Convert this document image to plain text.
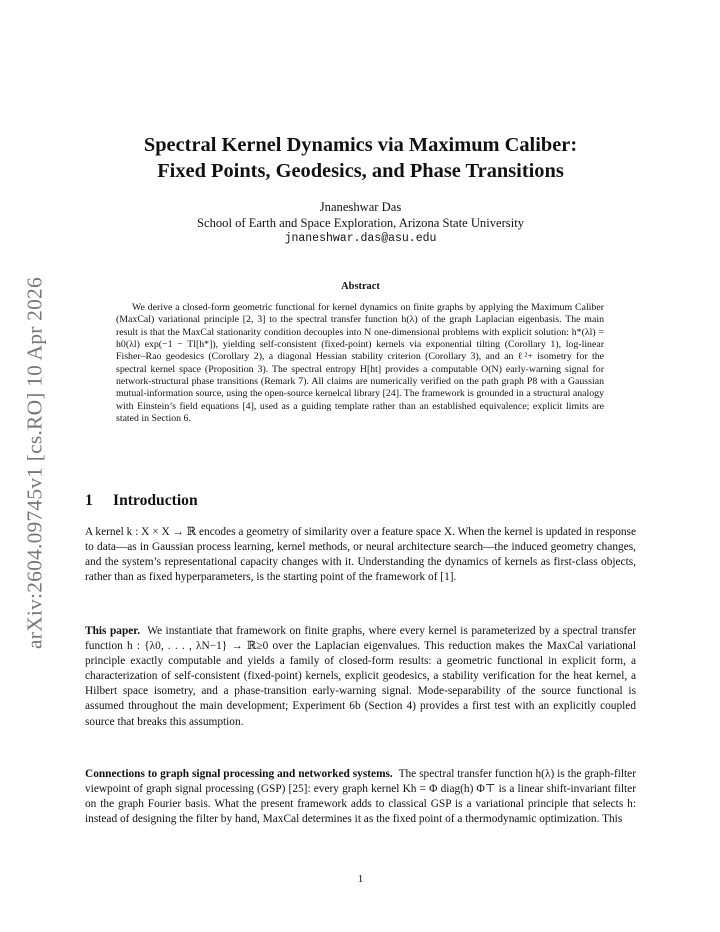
arXiv:2604.09745v1 [cs.RO] 10 Apr 2026
Spectral Kernel Dynamics via Maximum Caliber:
Fixed Points, Geodesics, and Phase Transitions
Jnaneshwar Das
School of Earth and Space Exploration, Arizona State University
jnaneshwar.das@asu.edu
Abstract

We derive a closed-form geometric functional for kernel dynamics on finite graphs by applying the Maximum Caliber (MaxCal) variational principle [2, 3] to the spectral transfer function h(λ) of the graph Laplacian eigenbasis. The main result is that the MaxCal stationarity condition decouples into N one-dimensional problems with explicit solution: h*(λl) = h0(λl) exp(−1 − Tl[h*]), yielding self-consistent (fixed-point) kernels via exponential tilting (Corollary 1), log-linear Fisher–Rao geodesics (Corollary 2), a diagonal Hessian stability criterion (Corollary 3), and an ℓ²+ isometry for the spectral kernel space (Proposition 3). The spectral entropy H[ht] provides a computable O(N) early-warning signal for network-structural phase transitions (Remark 7). All claims are numerically verified on the path graph P8 with a Gaussian mutual-information source, using the open-source kernelcal library [24]. The framework is grounded in a structural analogy with Einstein’s field equations [4], used as a guiding template rather than an established equivalence; explicit limits are stated in Section 6.

1 Introduction

A kernel k : X × X → ℝ encodes a geometry of similarity over a feature space X. When the kernel is updated in response to data—as in Gaussian process learning, kernel methods, or neural architecture search—the induced geometry changes, and the system’s representational capacity changes with it. Understanding the dynamics of kernels as first-class objects, rather than as fixed hyperparameters, is the starting point of the framework of [1].

This paper. We instantiate that framework on finite graphs, where every kernel is parameterized by a spectral transfer function h : {λ0, . . . , λN−1} → ℝ≥0 over the Laplacian eigenvalues. This reduction makes the MaxCal variational principle exactly computable and yields a family of closed-form results: a geometric functional in explicit form, a characterization of self-consistent (fixed-point) kernels, explicit geodesics, a stability verification for the heat kernel, a Hilbert space isometry, and a phase-transition early-warning signal. Mode-separability of the source functional is assumed throughout the main development; Experiment 6b (Section 4) provides a first test with an explicitly coupled source that breaks this assumption.

Connections to graph signal processing and networked systems. The spectral transfer function h(λ) is the graph-filter viewpoint of graph signal processing (GSP) [25]: every graph kernel Kh = Φ diag(h) Φ⊤ is a linear shift-invariant filter on the graph Fourier basis. What the present framework adds to classical GSP is a variational principle that selects h: instead of designing the filter by hand, MaxCal determines it as the fixed point of a thermodynamic optimization. This

1
